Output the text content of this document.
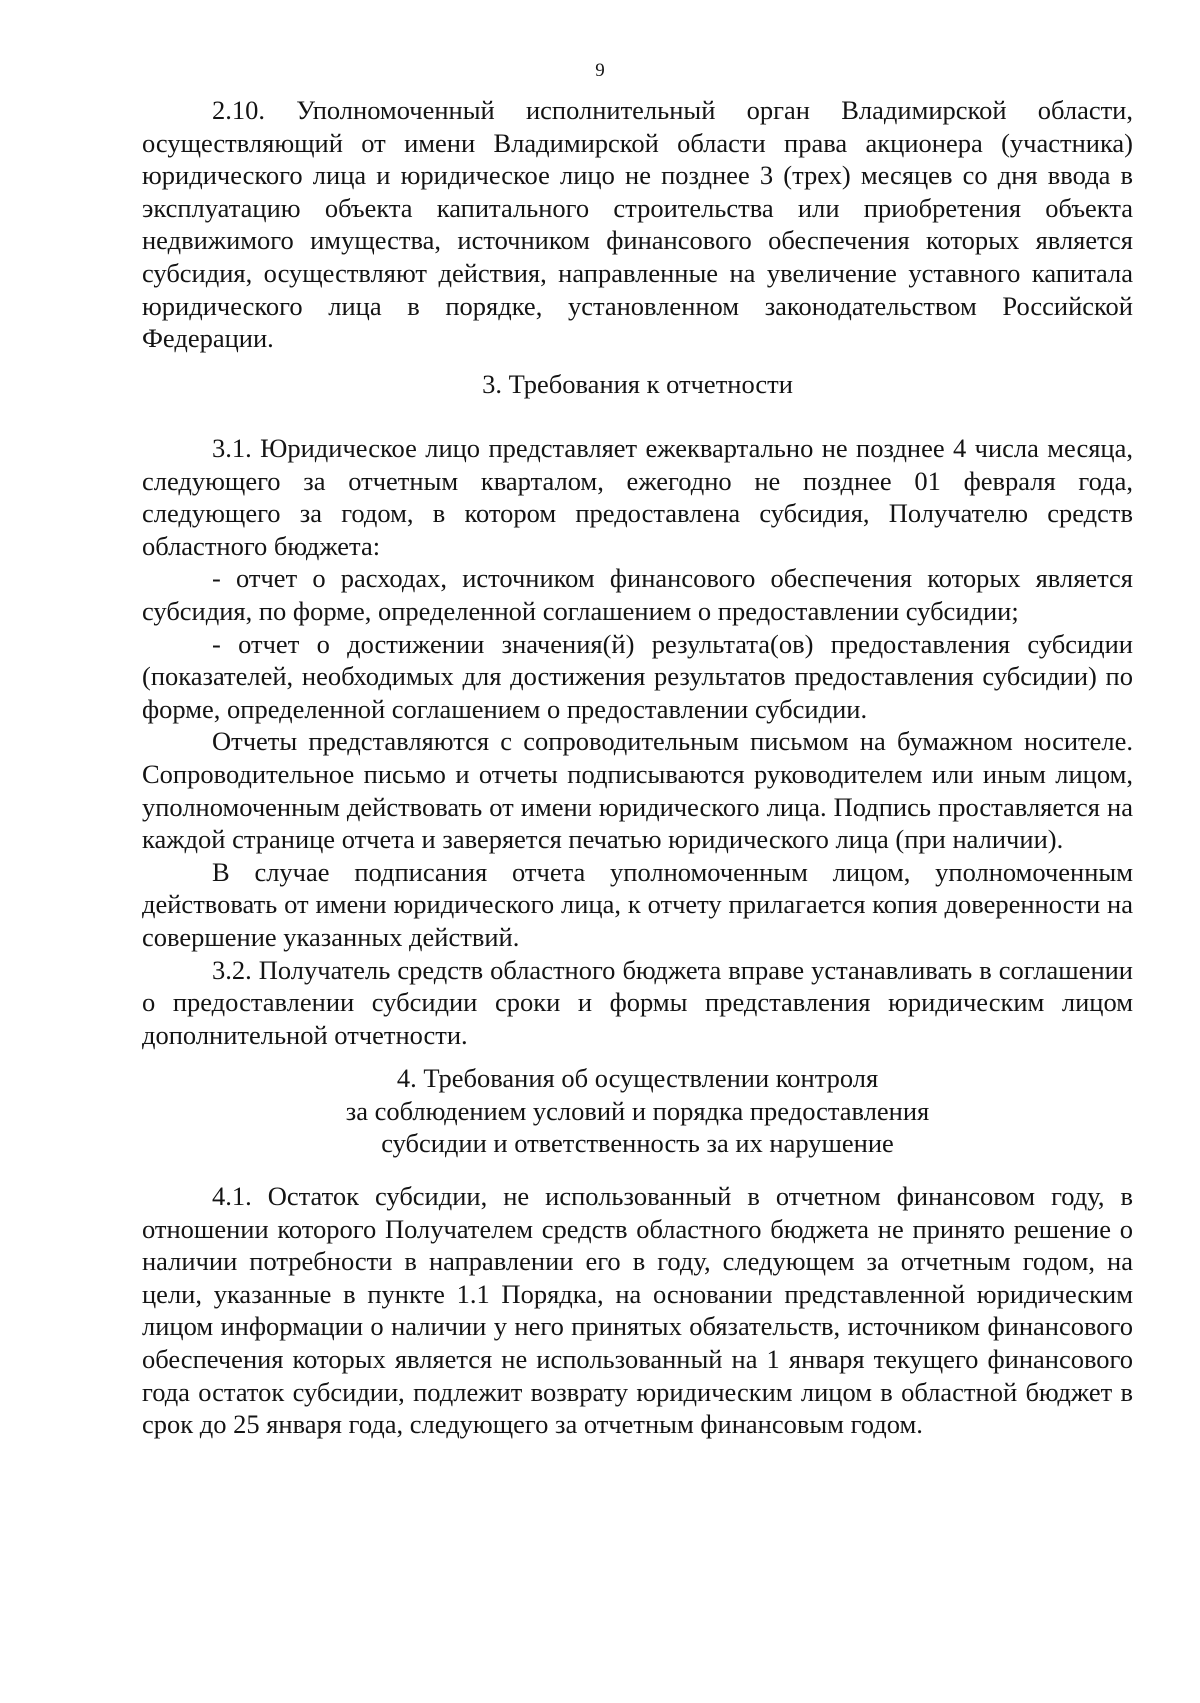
9

2.10. Уполномоченный исполнительный орган Владимирской области, осуществляющий от имени Владимирской области права акционера (участника) юридического лица и юридическое лицо не позднее 3 (трех) месяцев со дня ввода в эксплуатацию объекта капитального строительства или приобретения объекта недвижимого имущества, источником финансового обеспечения которых является субсидия, осуществляют действия, направленные на увеличение уставного капитала юридического лица в порядке, установленном законодательством Российской Федерации.

3. Требования к отчетности

3.1. Юридическое лицо представляет ежеквартально не позднее 4 числа месяца, следующего за отчетным кварталом, ежегодно не позднее 01 февраля года, следующего за годом, в котором предоставлена субсидия, Получателю средств областного бюджета:

- отчет о расходах, источником финансового обеспечения которых является субсидия, по форме, определенной соглашением о предоставлении субсидии;

- отчет о достижении значения(й) результата(ов) предоставления субсидии (показателей, необходимых для достижения результатов предоставления субсидии) по форме, определенной соглашением о предоставлении субсидии.

Отчеты представляются с сопроводительным письмом на бумажном носителе. Сопроводительное письмо и отчеты подписываются руководителем или иным лицом, уполномоченным действовать от имени юридического лица. Подпись проставляется на каждой странице отчета и заверяется печатью юридического лица (при наличии).

В случае подписания отчета уполномоченным лицом, уполномоченным действовать от имени юридического лица, к отчету прилагается копия доверенности на совершение указанных действий.

3.2. Получатель средств областного бюджета вправе устанавливать в соглашении о предоставлении субсидии сроки и формы представления юридическим лицом дополнительной отчетности.

4. Требования об осуществлении контроля
за соблюдением условий и порядка предоставления
субсидии и ответственность за их нарушение

4.1. Остаток субсидии, не использованный в отчетном финансовом году, в отношении которого Получателем средств областного бюджета не принято решение о наличии потребности в направлении его в году, следующем за отчетным годом, на цели, указанные в пункте 1.1 Порядка, на основании представленной юридическим лицом информации о наличии у него принятых обязательств, источником финансового обеспечения которых является не использованный на 1 января текущего финансового года остаток субсидии, подлежит возврату юридическим лицом в областной бюджет в срок до 25 января года, следующего за отчетным финансовым годом.
